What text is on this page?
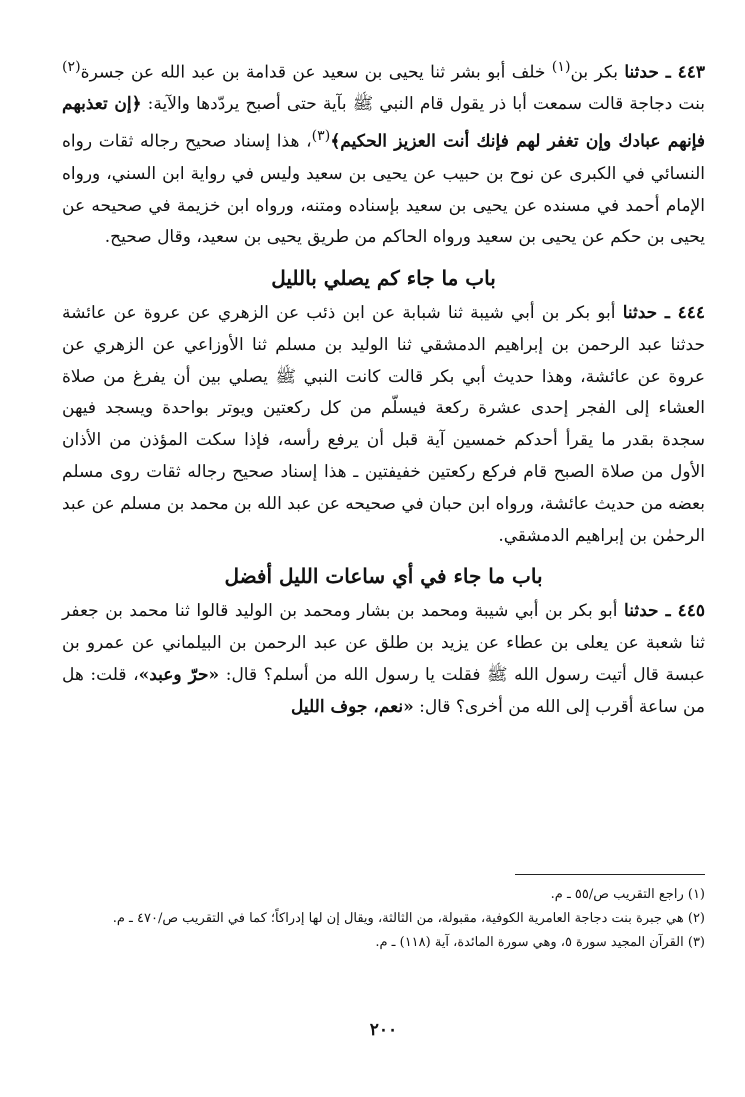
٤٤٣ ـ حدثنا بكر بن$^{(١)}$ خلف أبو بشر ثنا يحيى بن سعيد عن قدامة بن عبد الله عن جسرة$^{(٢)}$ بنت دجاجة قالت سمعت أبا ذر يقول قام النبي ﷺ بآية حتى أصبح يردّدها والآية: ﴿إن تعذبهم فإنهم عبادك وإن تغفر لهم فإنك أنت العزيز الحكيم﴾$^{(٣)}$، هذا إسناد صحيح رجاله ثقات رواه النسائي في الكبرى عن نوح بن حبيب عن يحيى بن سعيد وليس في رواية ابن السني، ورواه الإمام أحمد في مسنده عن يحيى بن سعيد بإسناده ومتنه، ورواه ابن خزيمة في صحيحه عن يحيى بن حكم عن يحيى بن سعيد ورواه الحاكم من طريق يحيى بن سعيد، وقال صحيح.

باب ما جاء كم يصلي بالليل

٤٤٤ ـ حدثنا أبو بكر بن أبي شيبة ثنا شبابة عن ابن ذئب عن الزهري عن عروة عن عائشة حدثنا عبد الرحمن بن إبراهيم الدمشقي ثنا الوليد بن مسلم ثنا الأوزاعي عن الزهري عن عروة عن عائشة، وهذا حديث أبي بكر قالت كانت النبي ﷺ يصلي بين أن يفرغ من صلاة العشاء إلى الفجر إحدى عشرة ركعة فيسلّم من كل ركعتين ويوتر بواحدة ويسجد فيهن سجدة بقدر ما يقرأ أحدكم خمسين آية قبل أن يرفع رأسه، فإذا سكت المؤذن من الأذان الأول من صلاة الصبح قام فركع ركعتين خفيفتين ـ هذا إسناد صحيح رجاله ثقات روى مسلم بعضه من حديث عائشة، ورواه ابن حبان في صحيحه عن عبد الله بن محمد بن مسلم عن عبد الرحمٰن بن إبراهيم الدمشقي.

باب ما جاء في أي ساعات الليل أفضل

٤٤٥ ـ حدثنا أبو بكر بن أبي شيبة ومحمد بن بشار ومحمد بن الوليد قالوا ثنا محمد بن جعفر ثنا شعبة عن يعلى بن عطاء عن يزيد بن طلق عن عبد الرحمن بن البيلماني عن عمرو بن عبسة قال أتيت رسول الله ﷺ فقلت يا رسول الله من أسلم؟ قال: «حرّ وعبد»، قلت: هل من ساعة أقرب إلى الله من أخرى؟ قال: «نعم، جوف الليل

(١) راجع التقريب ص/٥٥ ـ م.

(٢) هي جبرة بنت دجاجة العامرية الكوفية، مقبولة، من الثالثة، ويقال إن لها إدراكاً؛ كما في التقريب ص/٤٧٠ ـ م.

(٣) القرآن المجيد سورة ٥، وهي سورة المائدة، آية (١١٨) ـ م.

٢٠٠
